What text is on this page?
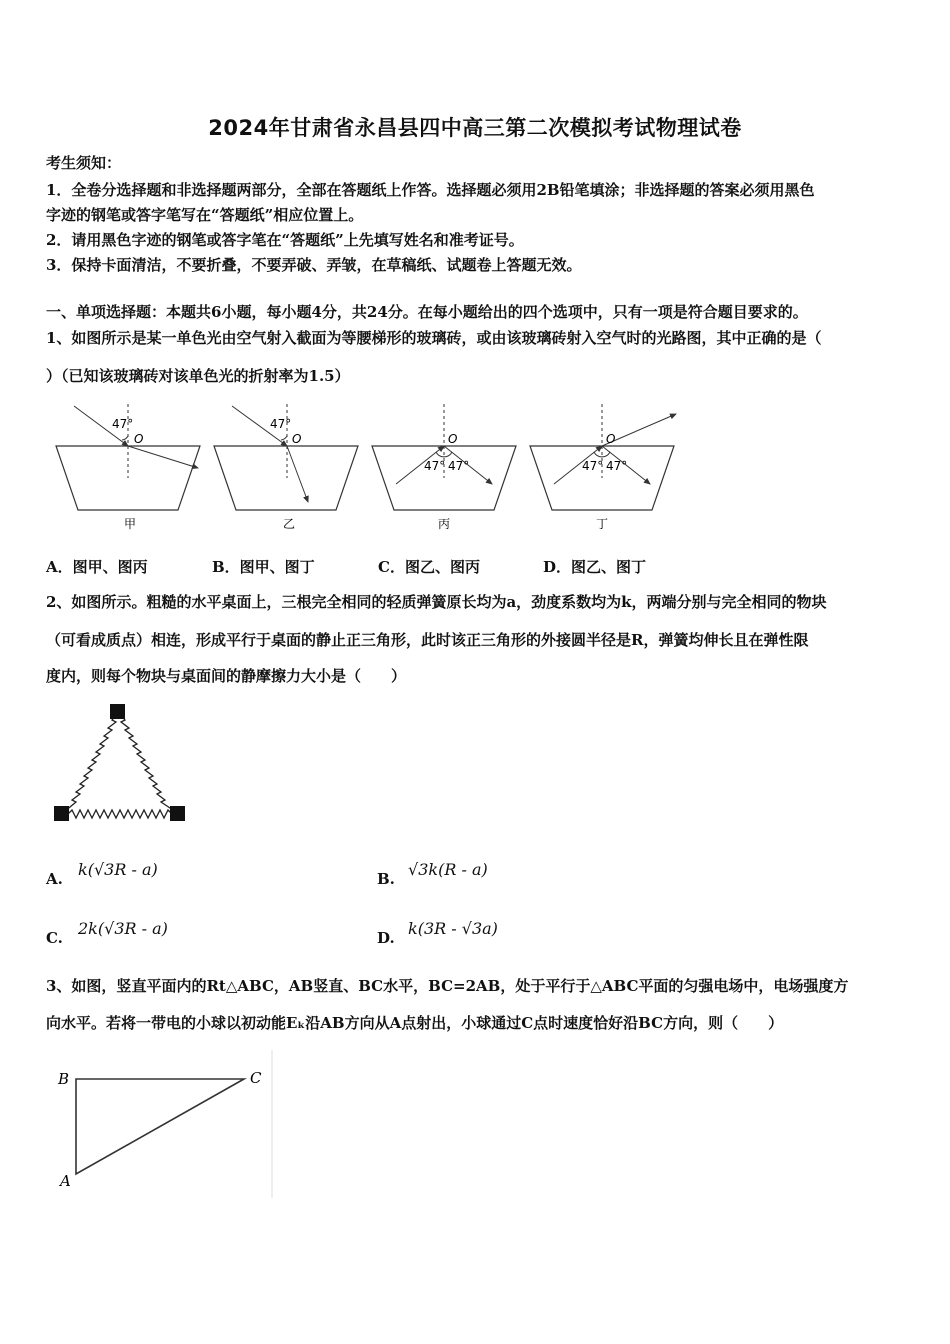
2024年甘肃省永昌县四中高三第二次模拟考试物理试卷
考生须知：
1．全卷分选择题和非选择题两部分，全部在答题纸上作答。选择题必须用2B铅笔填涂；非选择题的答案必须用黑色
字迹的钢笔或答字笔写在“答题纸”相应位置上。
2．请用黑色字迹的钢笔或答字笔在“答题纸”上先填写姓名和准考证号。
3．保持卡面清洁，不要折叠，不要弄破、弄皱，在草稿纸、试题卷上答题无效。
一、单项选择题：本题共6小题，每小题4分，共24分。在每小题给出的四个选项中，只有一项是符合题目要求的。
1、如图所示是某一单色光由空气射入截面为等腰梯形的玻璃砖，或由该玻璃砖射入空气时的光路图，其中正确的是（
）（已知该玻璃砖对该单色光的折射率为1.5）
47°
O
甲
47°
O
乙
47° 47°
O
丙
47° 47°
O
丁
A．图甲、图丙	B．图甲、图丁	C．图乙、图丙	D．图乙、图丁
2、如图所示。粗糙的水平桌面上，三根完全相同的轻质弹簧原长均为a，劲度系数均为k，两端分别与完全相同的物块
（可看成质点）相连，形成平行于桌面的静止正三角形，此时该正三角形的外接圆半径是R，弹簧均伸长且在弹性限
度内，则每个物块与桌面间的静摩擦力大小是（　　）
A. k(√3R - a)	B. √3k(R - a)
C. 2k(√3R - a)	D. k(3R - √3a)
3、如图，竖直平面内的Rt△ABC，AB竖直、BC水平，BC=2AB，处于平行于△ABC平面的匀强电场中，电场强度方
向水平。若将一带电的小球以初动能Eₖ沿AB方向从A点射出，小球通过C点时速度恰好沿BC方向，则（　　）
B	C
A
